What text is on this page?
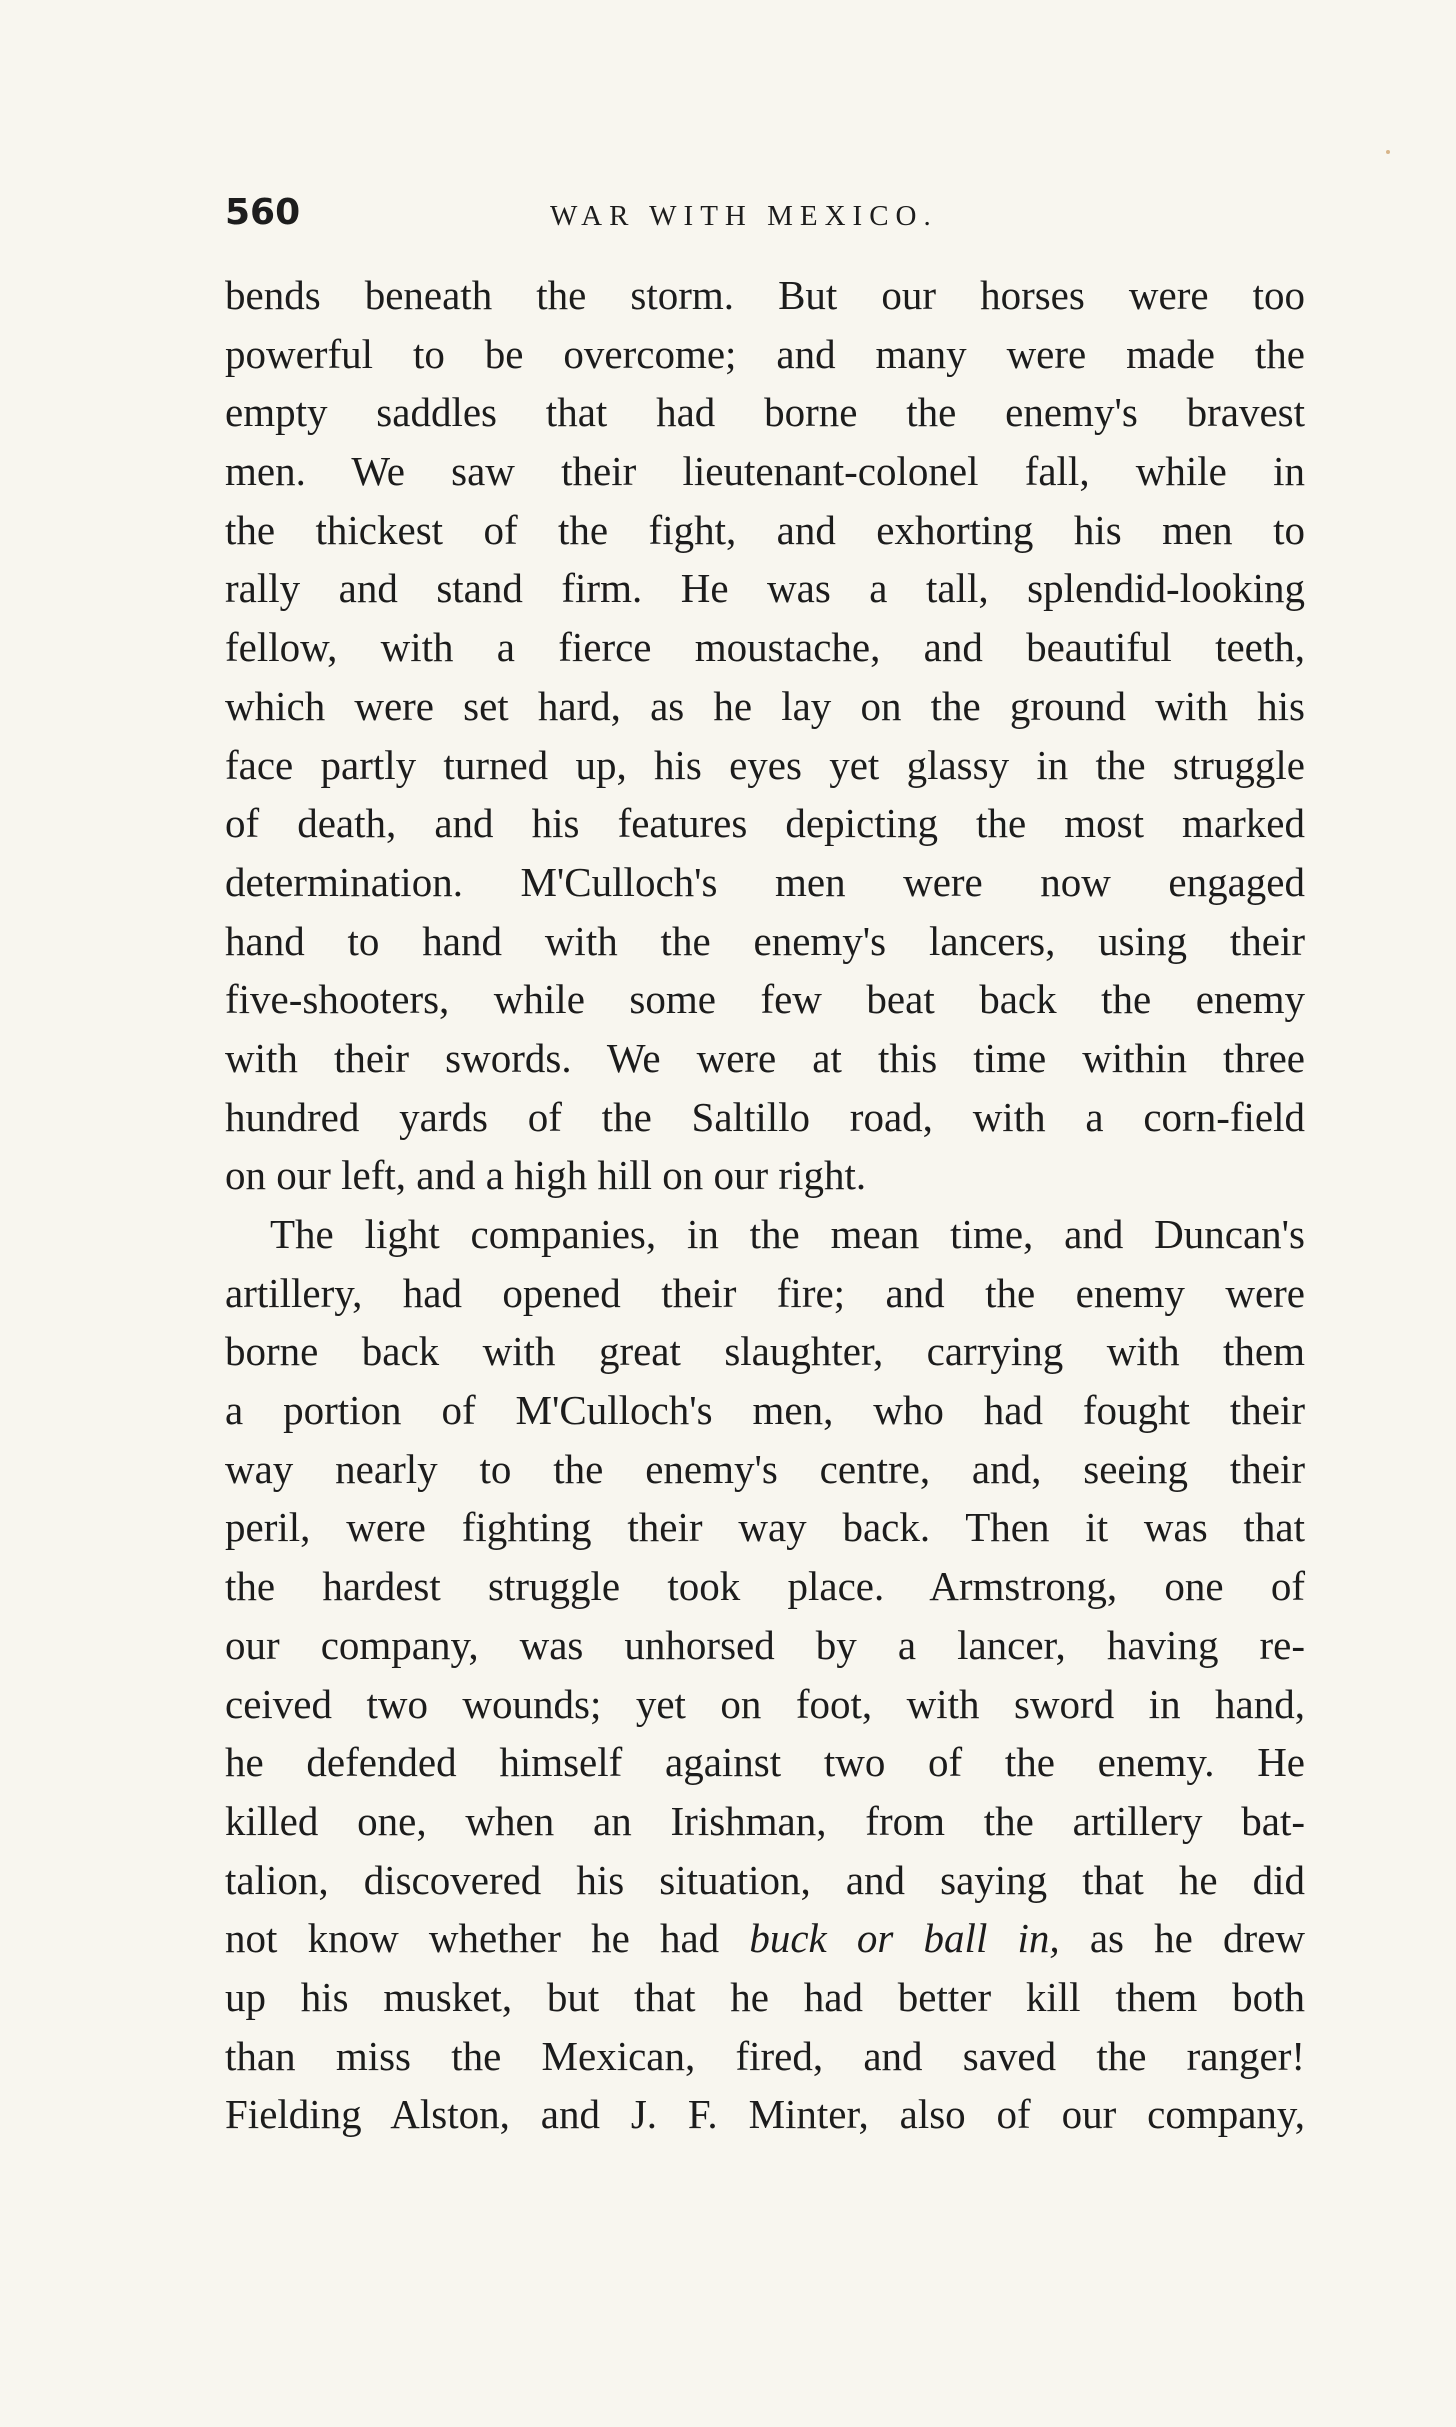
560	WAR WITH MEXICO.
bends beneath the storm. But our horses were too
powerful to be overcome; and many were made the
empty saddles that had borne the enemy's bravest
men. We saw their lieutenant-colonel fall, while in
the thickest of the fight, and exhorting his men to
rally and stand firm. He was a tall, splendid-looking
fellow, with a fierce moustache, and beautiful teeth,
which were set hard, as he lay on the ground with his
face partly turned up, his eyes yet glassy in the struggle
of death, and his features depicting the most marked
determination. M'Culloch's men were now engaged
hand to hand with the enemy's lancers, using their
five-shooters, while some few beat back the enemy
with their swords. We were at this time within three
hundred yards of the Saltillo road, with a corn-field
on our left, and a high hill on our right.
The light companies, in the mean time, and Duncan's
artillery, had opened their fire; and the enemy were
borne back with great slaughter, carrying with them
a portion of M'Culloch's men, who had fought their
way nearly to the enemy's centre, and, seeing their
peril, were fighting their way back. Then it was that
the hardest struggle took place. Armstrong, one of
our company, was unhorsed by a lancer, having re-
ceived two wounds; yet on foot, with sword in hand,
he defended himself against two of the enemy. He
killed one, when an Irishman, from the artillery bat-
talion, discovered his situation, and saying that he did
not know whether he had buck or ball in, as he drew
up his musket, but that he had better kill them both
than miss the Mexican, fired, and saved the ranger!
Fielding Alston, and J. F. Minter, also of our company,
